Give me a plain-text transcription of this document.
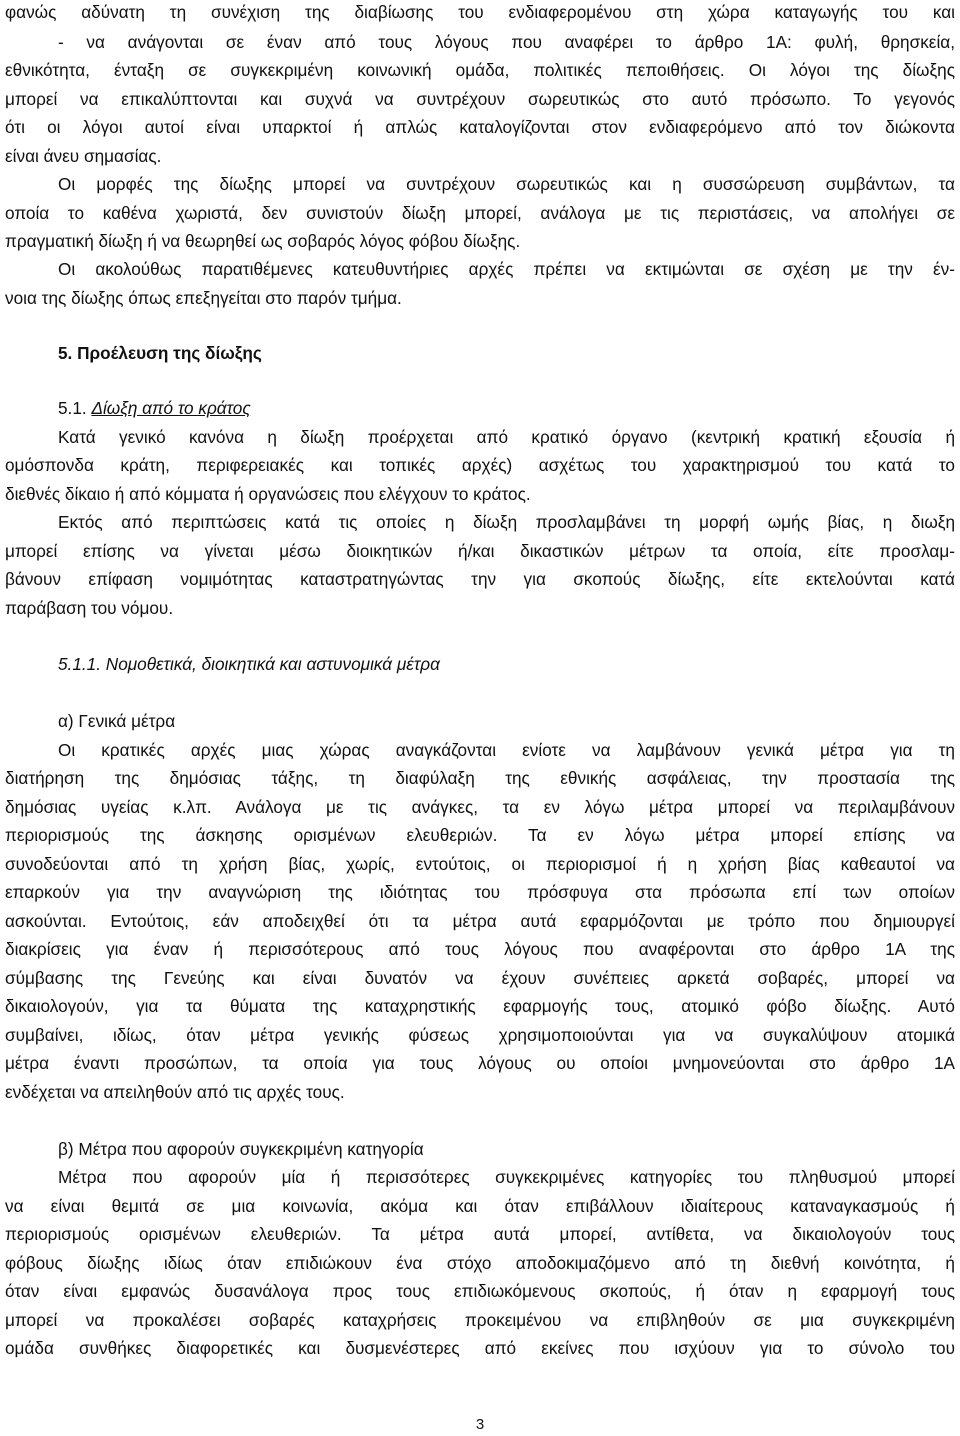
φανώς αδύνατη τη συνέχιση της διαβίωσης του ενδιαφερομένου στη χώρα καταγωγής του και
- να ανάγονται σε έναν από τους λόγους που αναφέρει το άρθρο 1Α: φυλή, θρησκεία,
εθνικότητα, ένταξη σε συγκεκριμένη κοινωνική ομάδα, πολιτικές πεποιθήσεις. Οι λόγοι της δίωξης
μπορεί να επικαλύπτονται και συχνά να συντρέχουν σωρευτικώς στο αυτό πρόσωπο. Το γεγονός
ότι οι λόγοι αυτοί είναι υπαρκτοί ή απλώς καταλογίζονται στον ενδιαφερόμενο από τον διώκοντα
είναι άνευ σημασίας.
Οι μορφές της δίωξης μπορεί να συντρέχουν σωρευτικώς και η συσσώρευση συμβάντων, τα
οποία το καθένα χωριστά, δεν συνιστούν δίωξη μπορεί, ανάλογα με τις περιστάσεις, να απολήγει σε
πραγματική δίωξη ή να θεωρηθεί ως σοβαρός λόγος φόβου δίωξης.
Οι ακολούθως παρατιθέμενες κατευθυντήριες αρχές πρέπει να εκτιμώνται σε σχέση με την έν-
νοια της δίωξης όπως επεξηγείται στο παρόν τμήμα.
5. Προέλευση της δίωξης
5.1. Δίωξη από το κράτος
Κατά γενικό κανόνα η δίωξη προέρχεται από κρατικό όργανο (κεντρική κρατική εξουσία ή
ομόσπονδα κράτη, περιφερειακές και τοπικές αρχές) ασχέτως του χαρακτηρισμού του κατά το
διεθνές δίκαιο ή από κόμματα ή οργανώσεις που ελέγχουν το κράτος.
Εκτός από περιπτώσεις κατά τις οποίες η δίωξη προσλαμβάνει τη μορφή ωμής βίας, η διωξη
μπορεί επίσης να γίνεται μέσω διοικητικών ή/και δικαστικών μέτρων τα οποία, είτε προσλαμ-
βάνουν επίφαση νομιμότητας καταστρατηγώντας την για σκοπούς δίωξης, είτε εκτελούνται κατά
παράβαση του νόμου.
5.1.1. Νομοθετικά, διοικητικά και αστυνομικά μέτρα
α) Γενικά μέτρα
Οι κρατικές αρχές μιας χώρας αναγκάζονται ενίοτε να λαμβάνουν γενικά μέτρα για τη
διατήρηση της δημόσιας τάξης, τη διαφύλαξη της εθνικής ασφάλειας, την προστασία της
δημόσιας υγείας κ.λπ. Ανάλογα με τις ανάγκες, τα εν λόγω μέτρα μπορεί να περιλαμβάνουν
περιορισμούς της άσκησης ορισμένων ελευθεριών. Τα εν λόγω μέτρα μπορεί επίσης να
συνοδεύονται από τη χρήση βίας, χωρίς, εντούτοις, οι περιορισμοί ή η χρήση βίας καθεαυτοί να
επαρκούν για την αναγνώριση της ιδιότητας του πρόσφυγα στα πρόσωπα επί των οποίων
ασκούνται. Εντούτοις, εάν αποδειχθεί ότι τα μέτρα αυτά εφαρμόζονται με τρόπο που δημιουργεί
διακρίσεις για έναν ή περισσότερους από τους λόγους που αναφέρονται στο άρθρο 1Α της
σύμβασης της Γενεύης και είναι δυνατόν να έχουν συνέπειες αρκετά σοβαρές, μπορεί να
δικαιολογούν, για τα θύματα της καταχρηστικής εφαρμογής τους, ατομικό φόβο δίωξης. Αυτό
συμβαίνει, ιδίως, όταν μέτρα γενικής φύσεως χρησιμοποιούνται για να συγκαλύψουν ατομικά
μέτρα έναντι προσώπων, τα οποία για τους λόγους ου οποίοι μνημονεύονται στο άρθρο 1Α
ενδέχεται να απειληθούν από τις αρχές τους.
β) Μέτρα που αφορούν συγκεκριμένη κατηγορία
Μέτρα που αφορούν μία ή περισσότερες συγκεκριμένες κατηγορίες του πληθυσμού μπορεί
να είναι θεμιτά σε μια κοινωνία, ακόμα και όταν επιβάλλουν ιδιαίτερους καταναγκασμούς ή
περιορισμούς ορισμένων ελευθεριών. Τα μέτρα αυτά μπορεί, αντίθετα, να δικαιολογούν τους
φόβους δίωξης ιδίως όταν επιδιώκουν ένα στόχο αποδοκιμαζόμενο από τη διεθνή κοινότητα, ή
όταν είναι εμφανώς δυσανάλογα προς τους επιδιωκόμενους σκοπούς, ή όταν η εφαρμογή τους
μπορεί να προκαλέσει σοβαρές καταχρήσεις προκειμένου να επιβληθούν σε μια συγκεκριμένη
ομάδα συνθήκες διαφορετικές και δυσμενέστερες από εκείνες που ισχύουν για το σύνολο του
3
